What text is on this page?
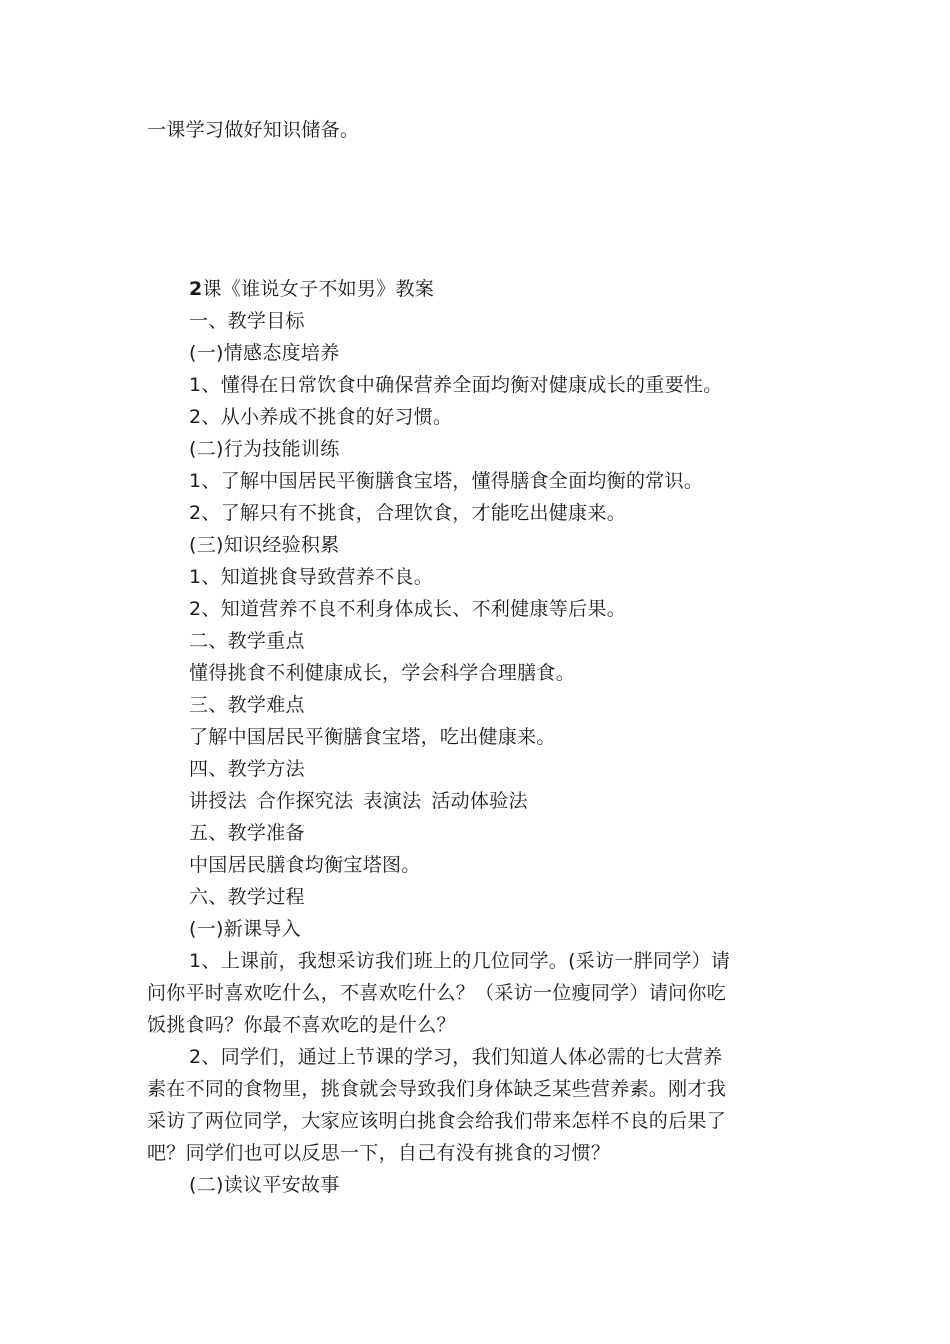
一课学习做好知识储备。
2课《谁说女子不如男》教案
一、教学目标
(一)情感态度培养
1、懂得在日常饮食中确保营养全面均衡对健康成长的重要性。
2、从小养成不挑食的好习惯。
(二)行为技能训练
1、了解中国居民平衡膳食宝塔，懂得膳食全面均衡的常识。
2、了解只有不挑食，合理饮食，才能吃出健康来。
(三)知识经验积累
1、知道挑食导致营养不良。
2、知道营养不良不利身体成长、不利健康等后果。
二、教学重点
懂得挑食不利健康成长，学会科学合理膳食。
三、教学难点
了解中国居民平衡膳食宝塔，吃出健康来。
四、教学方法
讲授法 合作探究法 表演法 活动体验法
五、教学准备
中国居民膳食均衡宝塔图。
六、教学过程
(一)新课导入
1、上课前，我想采访我们班上的几位同学。(采访一胖同学）请
问你平时喜欢吃什么，不喜欢吃什么？（采访一位瘦同学）请问你吃
饭挑食吗？你最不喜欢吃的是什么？
2、同学们，通过上节课的学习，我们知道人体必需的七大营养
素在不同的食物里，挑食就会导致我们身体缺乏某些营养素。刚才我
采访了两位同学，大家应该明白挑食会给我们带来怎样不良的后果了
吧？同学们也可以反思一下，自己有没有挑食的习惯？
(二)读议平安故事
